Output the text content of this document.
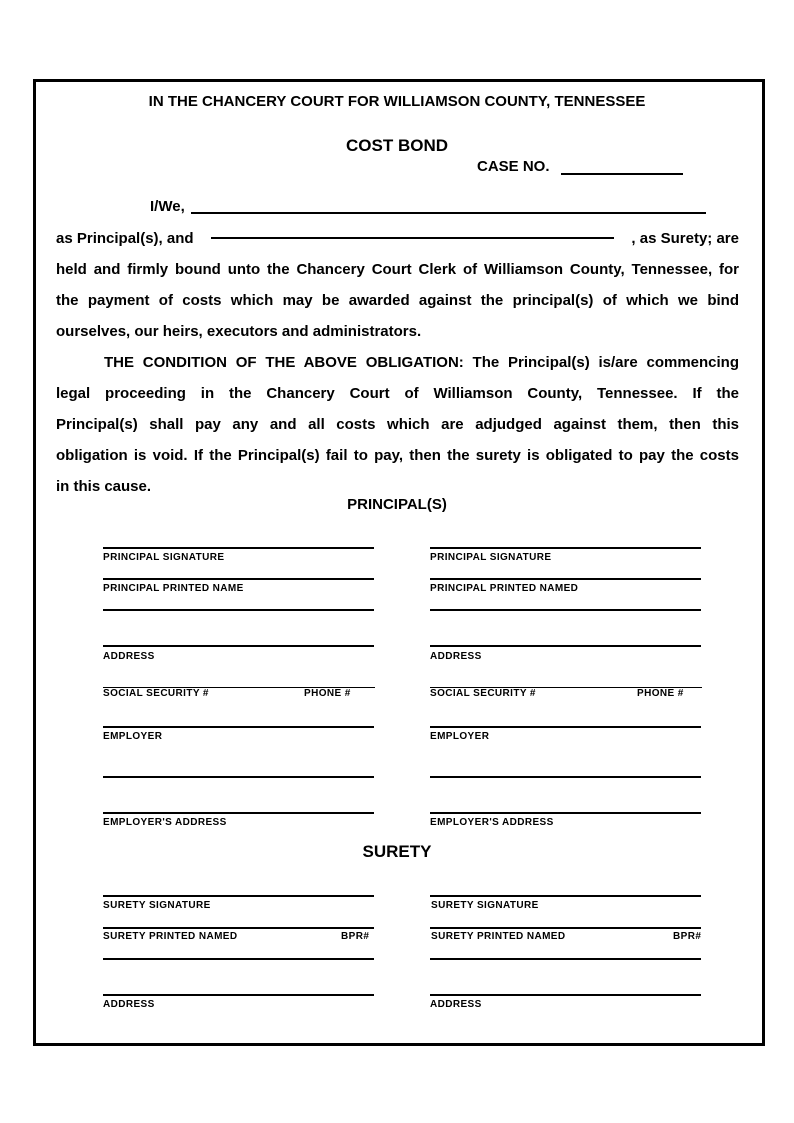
IN THE CHANCERY COURT FOR WILLIAMSON COUNTY, TENNESSEE
COST BOND
CASE NO.
I/We,
as Principal(s), and	, as Surety; are
held and firmly bound unto the Chancery Court Clerk of Williamson County, Tennessee, for
the payment of costs which may be awarded against the principal(s) of which we bind
ourselves, our heirs, executors and administrators.
THE CONDITION OF THE ABOVE OBLIGATION: The Principal(s) is/are commencing
legal proceeding in the Chancery Court of Williamson County, Tennessee. If the
Principal(s) shall pay any and all costs which are adjudged against them, then this
obligation is void. If the Principal(s) fail to pay, then the surety is obligated to pay the costs
in this cause.
PRINCIPAL(S)
PRINCIPAL SIGNATURE
PRINCIPAL PRINTED NAME
ADDRESS
SOCIAL SECURITY #	PHONE #
EMPLOYER
EMPLOYER'S ADDRESS
PRINCIPAL SIGNATURE
PRINCIPAL PRINTED NAMED
ADDRESS
SOCIAL SECURITY #	PHONE #
EMPLOYER
EMPLOYER'S ADDRESS
SURETY
SURETY SIGNATURE
SURETY PRINTED NAMED	BPR#
ADDRESS
SURETY SIGNATURE
SURETY PRINTED NAMED	BPR#
ADDRESS
